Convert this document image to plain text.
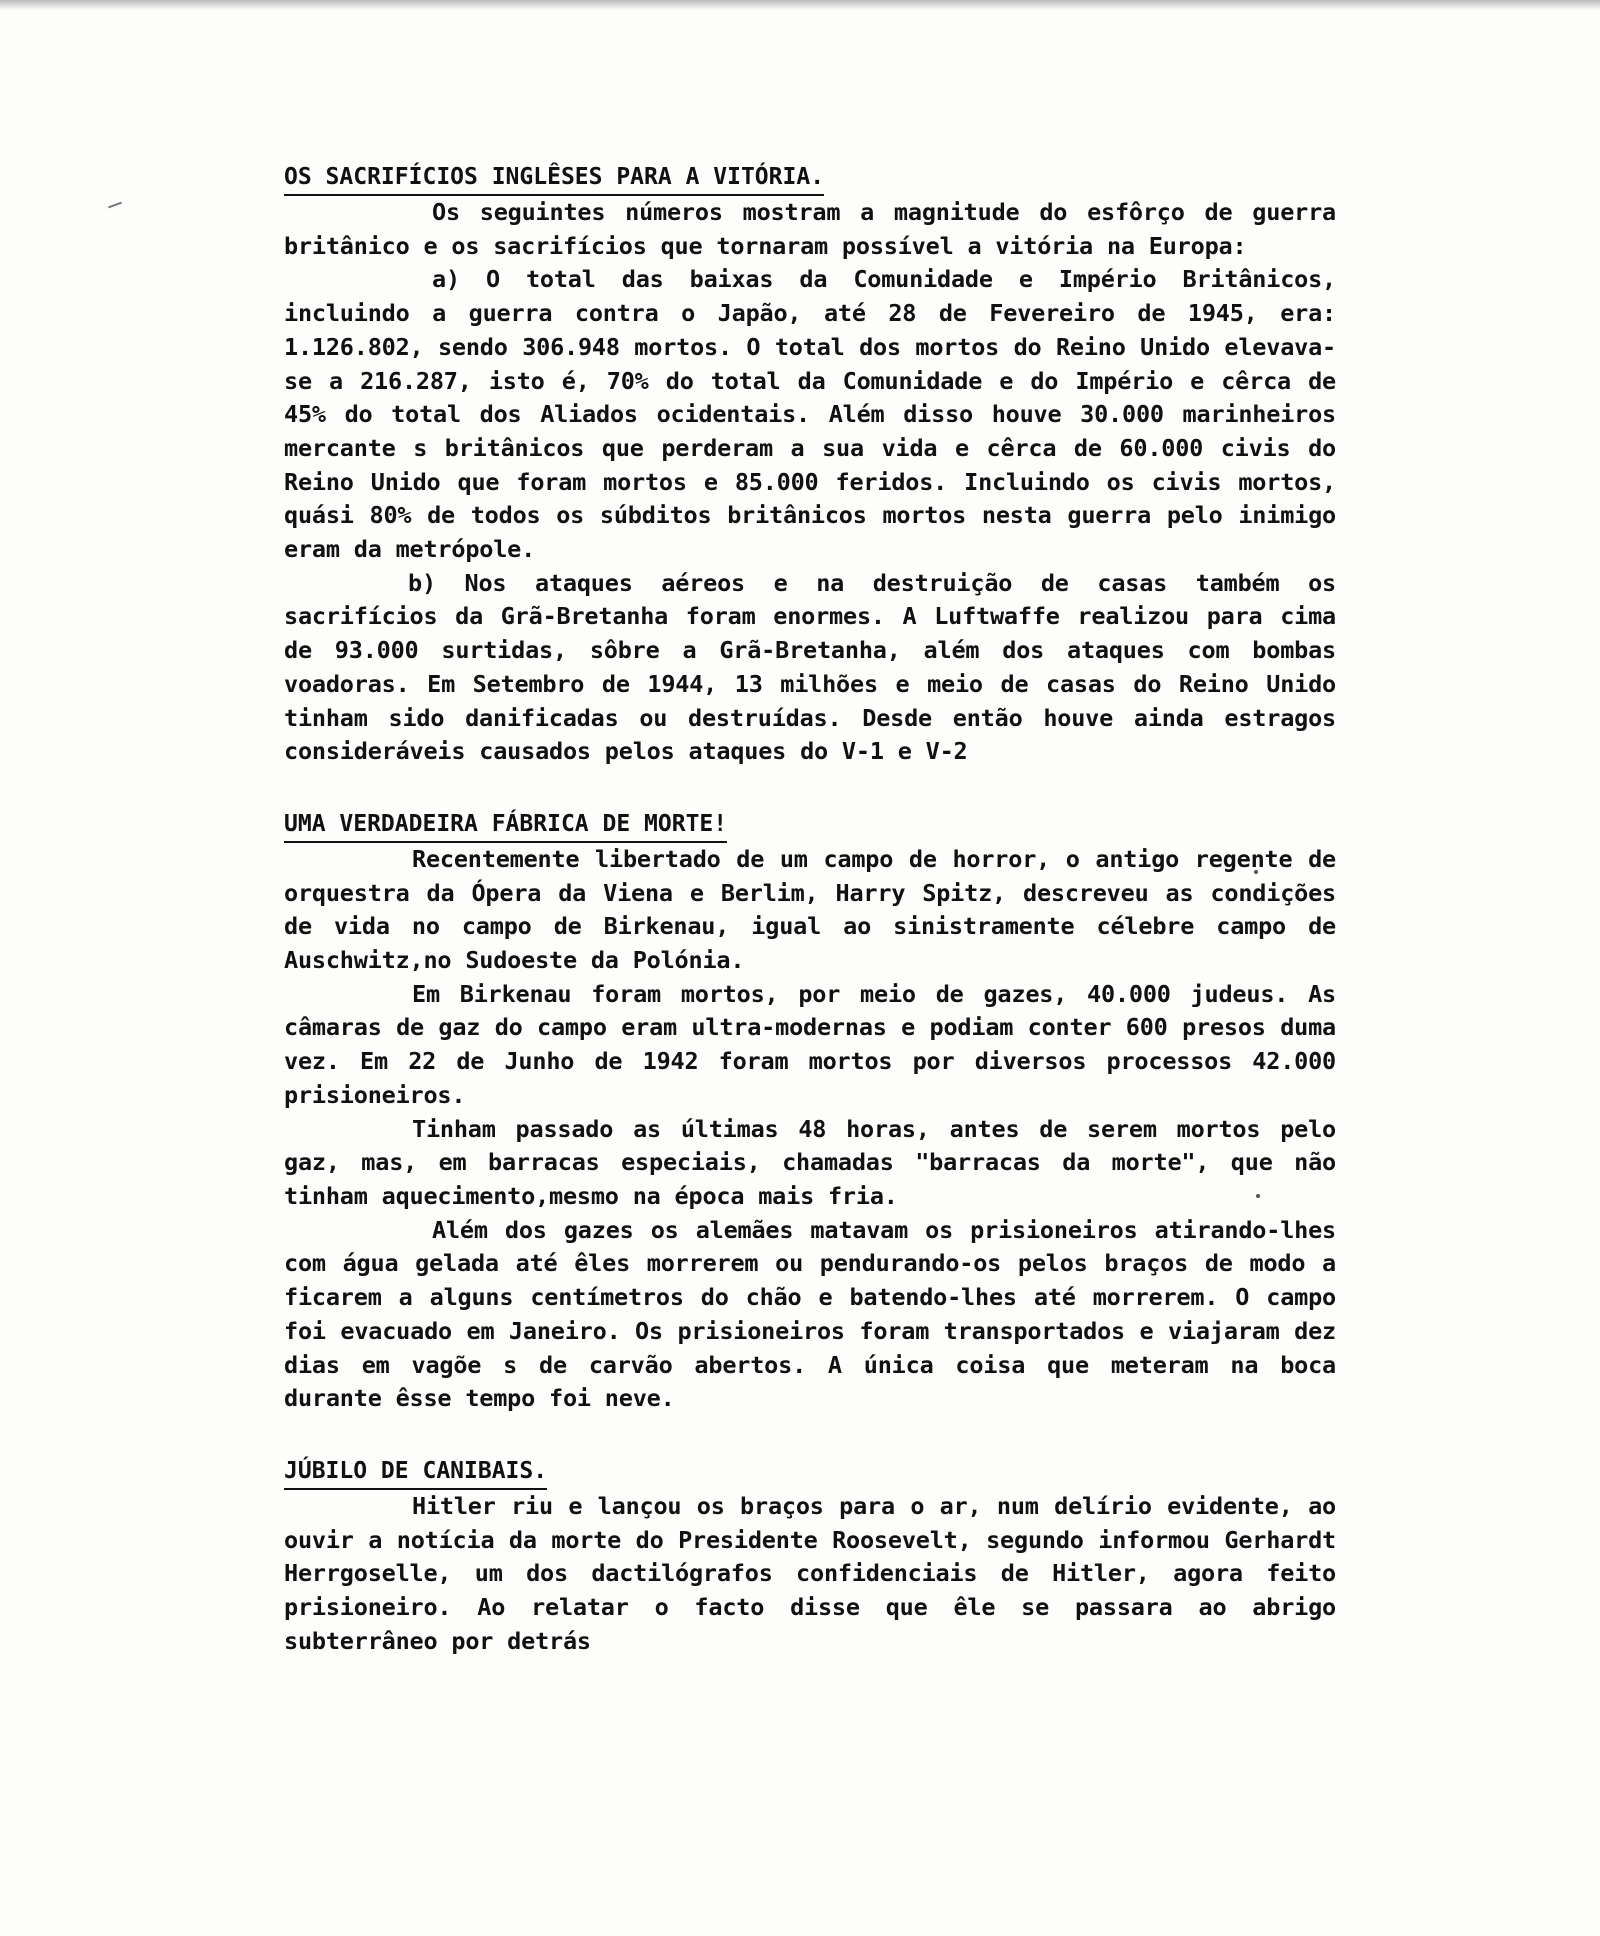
OS SACRIFÍCIOS INGLÊSES PARA A VITÓRIA.

Os seguintes números mostram a magnitude do esfôrço de guerra britânico e os sacrifícios que tornaram possível a vitória na Europa:

a) O total das baixas da Comunidade e Império Britânicos, incluindo a guerra contra o Japão, até 28 de Fevereiro de 1945, era: 1.126.802, sendo 306.948 mortos. O total dos mortos do Reino Unido elevava-se a 216.287, isto é, 70% do total da Comunidade e do Império e cêrca de 45% do total dos Aliados ocidentais. Além disso houve 30.000 marinheiros mercante s britânicos que perderam a sua vida e cêrca de 60.000 civis do Reino Unido que foram mortos e 85.000 feridos. Incluindo os civis mortos, quási 80% de todos os súbditos britânicos mortos nesta guerra pelo inimigo eram da metrópole.

b) Nos ataques aéreos e na destruição de casas também os sacrifícios da Grã-Bretanha foram enormes. A Luftwaffe realizou para cima de 93.000 surtidas, sôbre a Grã-Bretanha, além dos ataques com bombas voadoras. Em Setembro de 1944, 13 milhões e meio de casas do Reino Unido tinham sido danificadas ou destruídas. Desde então houve ainda estragos consideráveis causados pelos ataques do V-1 e V-2

UMA VERDADEIRA FÁBRICA DE MORTE!

Recentemente libertado de um campo de horror, o antigo regente de orquestra da Ópera da Viena e Berlim, Harry Spitz, descreveu as condições de vida no campo de Birkenau, igual ao sinistramente célebre campo de Auschwitz,no Sudoeste da Polónia.

Em Birkenau foram mortos, por meio de gazes, 40.000 judeus. As câmaras de gaz do campo eram ultra-modernas e podiam conter 600 presos duma vez. Em 22 de Junho de 1942 foram mortos por diversos processos 42.000 prisioneiros.

Tinham passado as últimas 48 horas, antes de serem mortos pelo gaz, mas, em barracas especiais, chamadas "barracas da morte", que não tinham aquecimento,mesmo na época mais fria.

Além dos gazes os alemães matavam os prisioneiros atirando-lhes com água gelada até êles morrerem ou pendurando-os pelos braços de modo a ficarem a alguns centímetros do chão e batendo-lhes até morrerem. O campo foi evacuado em Janeiro. Os prisioneiros foram transportados e viajaram dez dias em vagõe s de carvão abertos. A única coisa que meteram na boca durante êsse tempo foi neve.

JÚBILO DE CANIBAIS.

Hitler riu e lançou os braços para o ar, num delírio evidente, ao ouvir a notícia da morte do Presidente Roosevelt, segundo informou Gerhardt Herrgoselle, um dos dactilógrafos confidenciais de Hitler, agora feito prisioneiro. Ao relatar o facto disse que êle se passara ao abrigo subterrâneo por detrás
